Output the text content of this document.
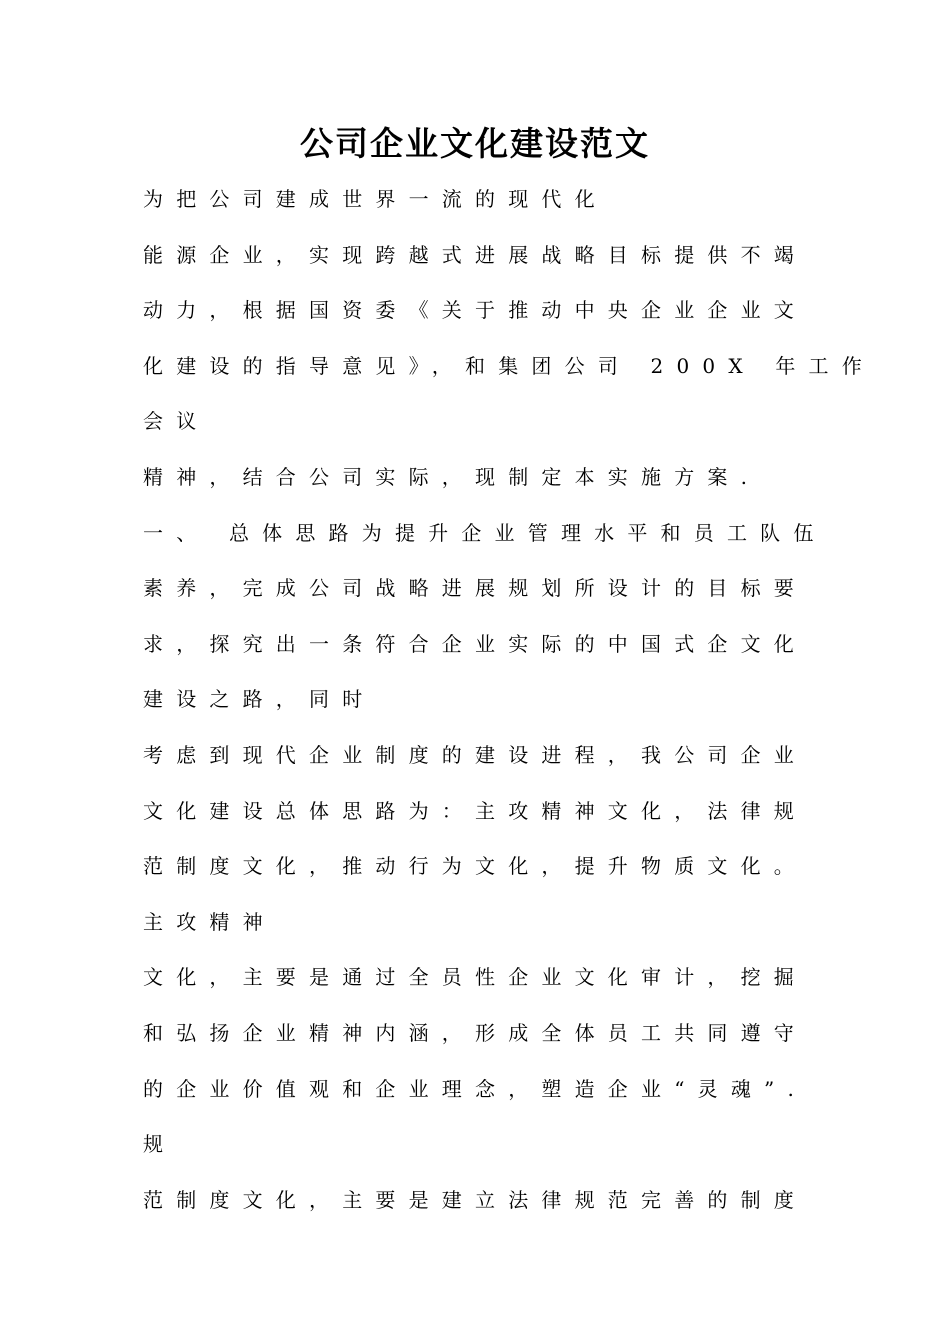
公司企业文化建设范文
为把公司建成世界一流的现代化
能源企业，实现跨越式进展战略目标提供不竭
动力，根据国资委《关于推动中央企业企业文
化建设的指导意见》，和集团公司 200X 年工作
会议
精神，结合公司实际，现制定本实施方案.
一、 总体思路为提升企业管理水平和员工队伍
素养，完成公司战略进展规划所设计的目标要
求，探究出一条符合企业实际的中国式企文化
建设之路，同时
考虑到现代企业制度的建设进程，我公司企业
文化建设总体思路为：主攻精神文化，法律规
范制度文化，推动行为文化，提升物质文化。
主攻精神
文化，主要是通过全员性企业文化审计，挖掘
和弘扬企业精神内涵，形成全体员工共同遵守
的企业价值观和企业理念，塑造企业“灵魂”.
规
范制度文化，主要是建立法律规范完善的制度
